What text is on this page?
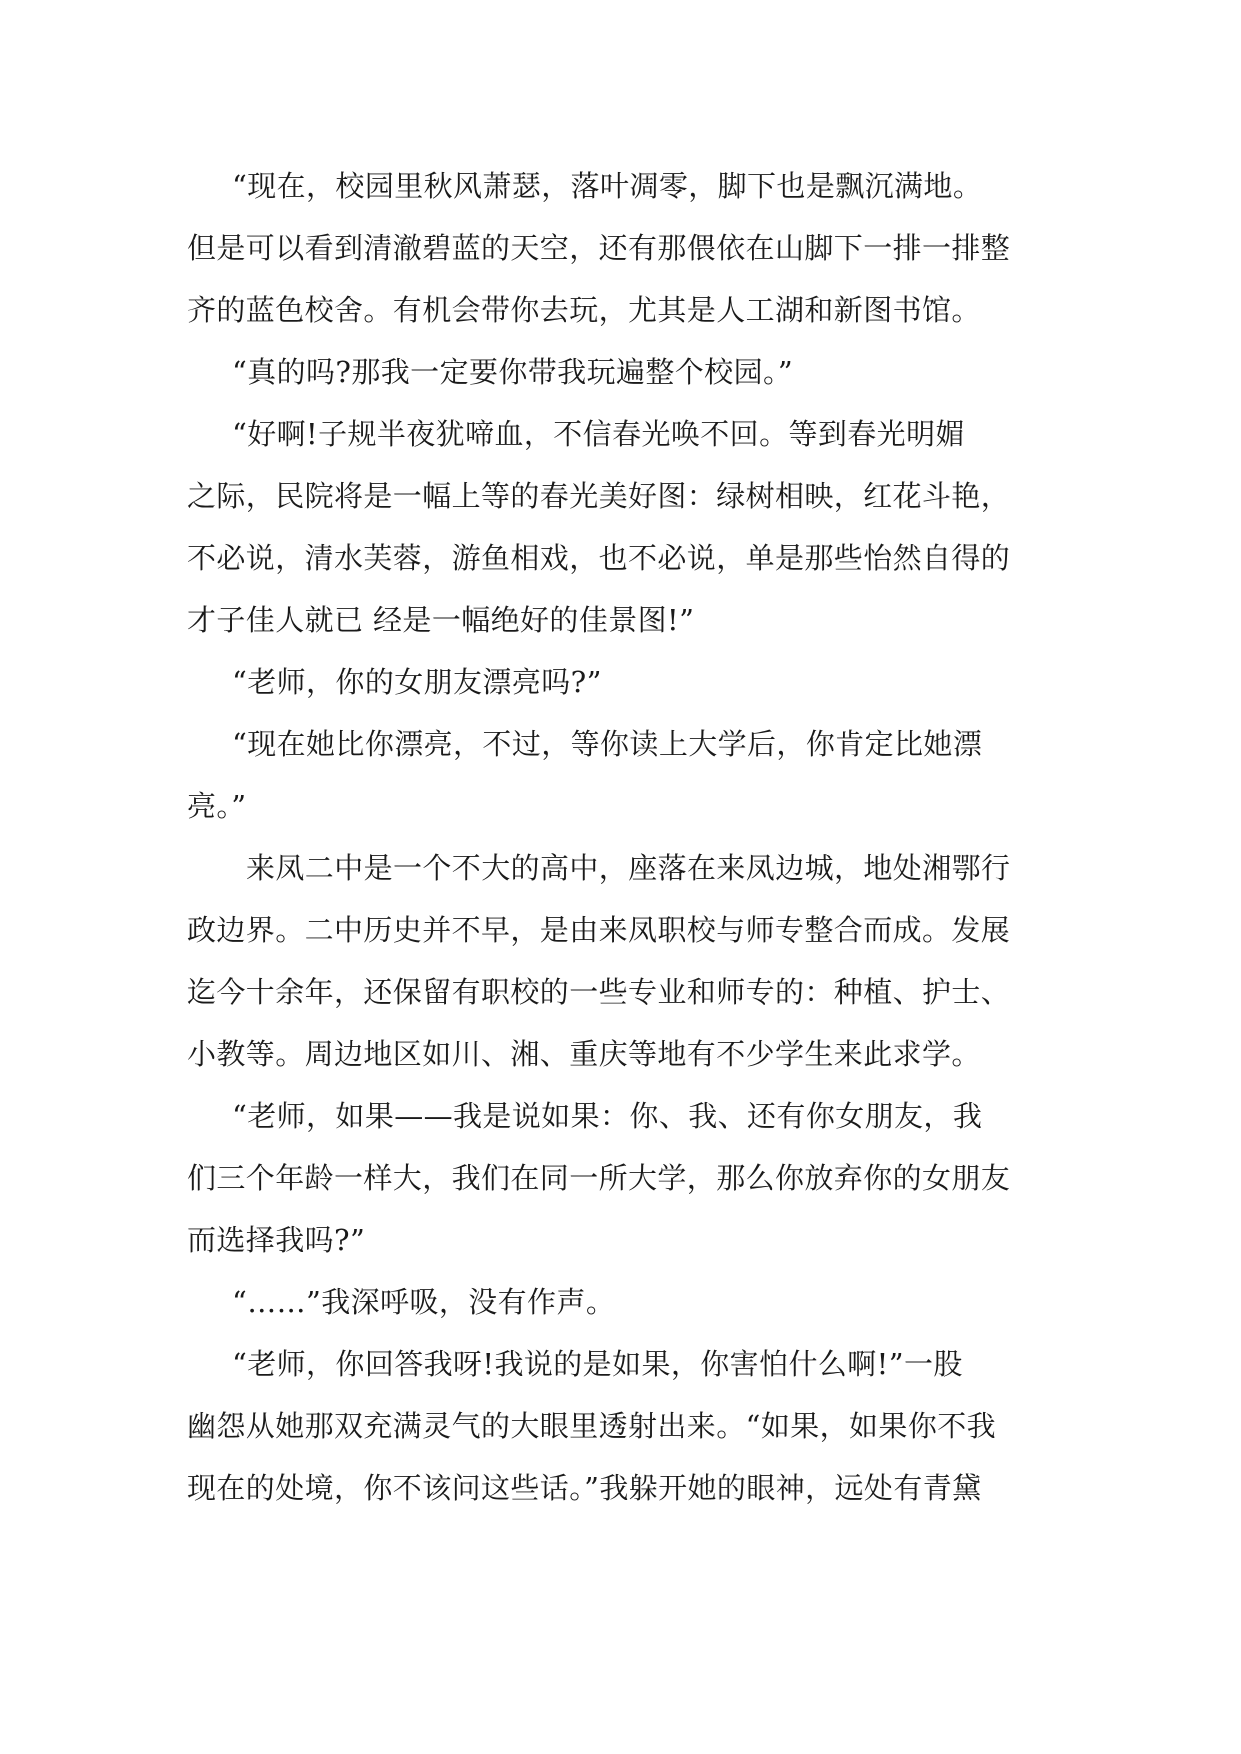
“现在，校园里秋风萧瑟，落叶凋零，脚下也是飘沉满地。
但是可以看到清澈碧蓝的天空，还有那偎依在山脚下一排一排整
齐的蓝色校舍。有机会带你去玩，尤其是人工湖和新图书馆。
“真的吗?那我一定要你带我玩遍整个校园。”
“好啊!子规半夜犹啼血，不信春光唤不回。等到春光明媚
之际，民院将是一幅上等的春光美好图：绿树相映，红花斗艳，
不必说，清水芙蓉，游鱼相戏，也不必说，单是那些怡然自得的
才子佳人就已 经是一幅绝好的佳景图!”
“老师，你的女朋友漂亮吗?”
“现在她比你漂亮，不过，等你读上大学后，你肯定比她漂
亮。”
来凤二中是一个不大的高中，座落在来凤边城，地处湘鄂行
政边界。二中历史并不早，是由来凤职校与师专整合而成。发展
迄今十余年，还保留有职校的一些专业和师专的：种植、护士、
小教等。周边地区如川、湘、重庆等地有不少学生来此求学。
“老师，如果——我是说如果：你、我、还有你女朋友，我
们三个年龄一样大，我们在同一所大学，那么你放弃你的女朋友
而选择我吗?”
“……”我深呼吸，没有作声。
“老师，你回答我呀!我说的是如果，你害怕什么啊!”一股
幽怨从她那双充满灵气的大眼里透射出来。“如果，如果你不我
现在的处境，你不该问这些话。”我躲开她的眼神，远处有青黛
